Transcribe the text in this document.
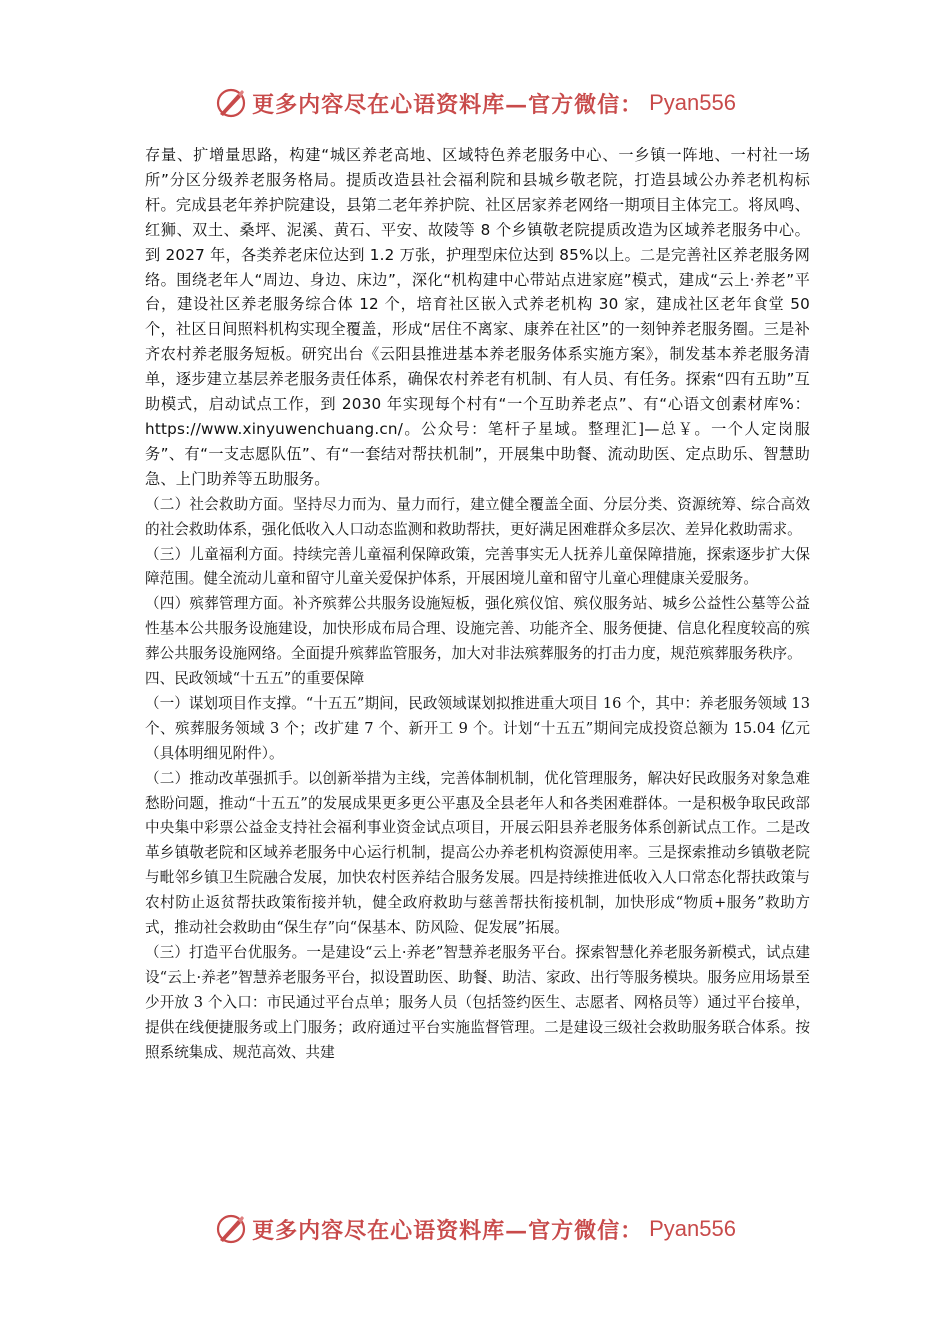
更多内容尽在心语资料库—官方微信： Pyan556

存量、扩增量思路，构建“城区养老高地、区域特色养老服务中心、一乡镇一阵地、一村社一场所”分区分级养老服务格局。提质改造县社会福利院和县城乡敬老院，打造县域公办养老机构标杆。完成县老年养护院建设，县第二老年养护院、社区居家养老网络一期项目主体完工。将凤鸣、红狮、双土、桑坪、泥溪、黄石、平安、故陵等 8 个乡镇敬老院提质改造为区域养老服务中心。到 2027 年，各类养老床位达到 1.2 万张，护理型床位达到 85%以上。二是完善社区养老服务网络。围绕老年人“周边、身边、床边”，深化“机构建中心带站点进家庭”模式，建成“云上·养老”平台，建设社区养老服务综合体 12 个，培育社区嵌入式养老机构 30 家，建成社区老年食堂 50 个，社区日间照料机构实现全覆盖，形成“居住不离家、康养在社区”的一刻钟养老服务圈。三是补齐农村养老服务短板。研究出台《云阳县推进基本养老服务体系实施方案》，制发基本养老服务清单，逐步建立基层养老服务责任体系，确保农村养老有机制、有人员、有任务。探索“四有五助”互助模式，启动试点工作，到 2030 年实现每个村有“一个互助养老点”、有“心语文创素材库%：https://www.xinyuwenchuang.cn/。公众号：笔杆子星域。整理汇]—总￥。一个人定岗服务”、有“一支志愿队伍”、有“一套结对帮扶机制”，开展集中助餐、流动助医、定点助乐、智慧助急、上门助养等五助服务。

（二）社会救助方面。坚持尽力而为、量力而行，建立健全覆盖全面、分层分类、资源统筹、综合高效的社会救助体系，强化低收入人口动态监测和救助帮扶，更好满足困难群众多层次、差异化救助需求。

（三）儿童福利方面。持续完善儿童福利保障政策，完善事实无人抚养儿童保障措施，探索逐步扩大保障范围。健全流动儿童和留守儿童关爱保护体系，开展困境儿童和留守儿童心理健康关爱服务。

（四）殡葬管理方面。补齐殡葬公共服务设施短板，强化殡仪馆、殡仪服务站、城乡公益性公墓等公益性基本公共服务设施建设，加快形成布局合理、设施完善、功能齐全、服务便捷、信息化程度较高的殡葬公共服务设施网络。全面提升殡葬监管服务，加大对非法殡葬服务的打击力度，规范殡葬服务秩序。

四、民政领域“十五五”的重要保障

（一）谋划项目作支撑。“十五五”期间，民政领域谋划拟推进重大项目 16 个，其中：养老服务领域 13 个、殡葬服务领域 3 个；改扩建 7 个、新开工 9 个。计划“十五五”期间完成投资总额为 15.04 亿元（具体明细见附件）。

（二）推动改革强抓手。以创新举措为主线，完善体制机制，优化管理服务，解决好民政服务对象急难愁盼问题，推动“十五五”的发展成果更多更公平惠及全县老年人和各类困难群体。一是积极争取民政部中央集中彩票公益金支持社会福利事业资金试点项目，开展云阳县养老服务体系创新试点工作。二是改革乡镇敬老院和区域养老服务中心运行机制，提高公办养老机构资源使用率。三是探索推动乡镇敬老院与毗邻乡镇卫生院融合发展，加快农村医养结合服务发展。四是持续推进低收入人口常态化帮扶政策与农村防止返贫帮扶政策衔接并轨，健全政府救助与慈善帮扶衔接机制，加快形成“物质+服务”救助方式，推动社会救助由“保生存”向“保基本、防风险、促发展”拓展。

（三）打造平台优服务。一是建设“云上·养老”智慧养老服务平台。探索智慧化养老服务新模式，试点建设“云上·养老”智慧养老服务平台，拟设置助医、助餐、助洁、家政、出行等服务模块。服务应用场景至少开放 3 个入口：市民通过平台点单；服务人员（包括签约医生、志愿者、网格员等）通过平台接单，提供在线便捷服务或上门服务；政府通过平台实施监督管理。二是建设三级社会救助服务联合体系。按照系统集成、规范高效、共建

更多内容尽在心语资料库—官方微信： Pyan556
